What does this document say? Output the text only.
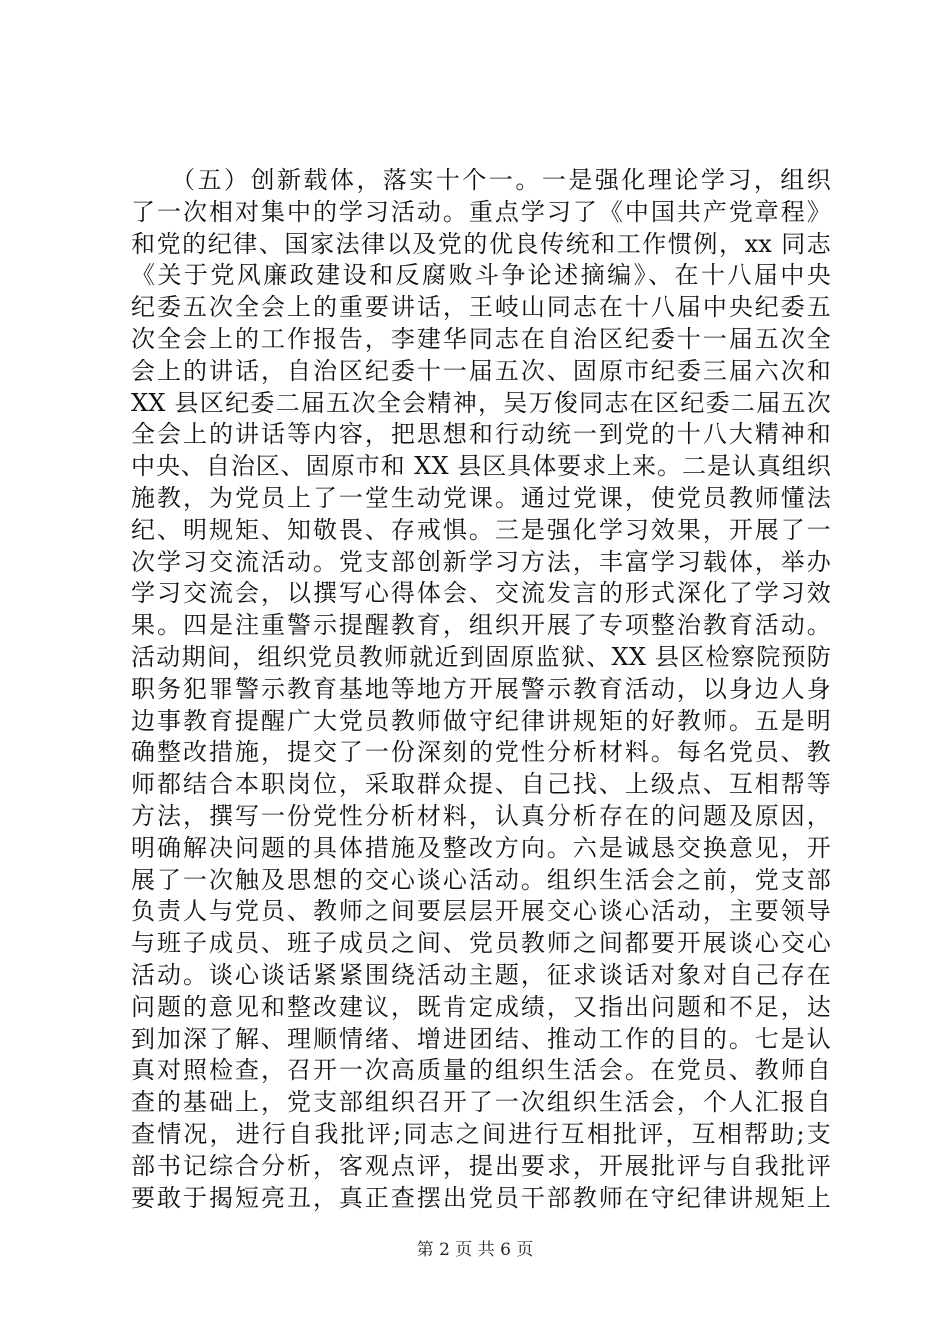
（五）创新载体，落实十个一。一是强化理论学习，组织
了一次相对集中的学习活动。重点学习了《中国共产党章程》
和党的纪律、国家法律以及党的优良传统和工作惯例，xx 同志
《关于党风廉政建设和反腐败斗争论述摘编》、在十八届中央
纪委五次全会上的重要讲话，王岐山同志在十八届中央纪委五
次全会上的工作报告，李建华同志在自治区纪委十一届五次全
会上的讲话，自治区纪委十一届五次、固原市纪委三届六次和
XX 县区纪委二届五次全会精神，吴万俊同志在区纪委二届五次
全会上的讲话等内容，把思想和行动统一到党的十八大精神和
中央、自治区、固原市和 XX 县区具体要求上来。二是认真组织
施教，为党员上了一堂生动党课。通过党课，使党员教师懂法
纪、明规矩、知敬畏、存戒惧。三是强化学习效果，开展了一
次学习交流活动。党支部创新学习方法，丰富学习载体，举办
学习交流会，以撰写心得体会、交流发言的形式深化了学习效
果。四是注重警示提醒教育，组织开展了专项整治教育活动。
活动期间，组织党员教师就近到固原监狱、XX 县区检察院预防
职务犯罪警示教育基地等地方开展警示教育活动，以身边人身
边事教育提醒广大党员教师做守纪律讲规矩的好教师。五是明
确整改措施，提交了一份深刻的党性分析材料。每名党员、教
师都结合本职岗位，采取群众提、自己找、上级点、互相帮等
方法，撰写一份党性分析材料，认真分析存在的问题及原因，
明确解决问题的具体措施及整改方向。六是诚恳交换意见，开
展了一次触及思想的交心谈心活动。组织生活会之前，党支部
负责人与党员、教师之间要层层开展交心谈心活动，主要领导
与班子成员、班子成员之间、党员教师之间都要开展谈心交心
活动。谈心谈话紧紧围绕活动主题，征求谈话对象对自己存在
问题的意见和整改建议，既肯定成绩，又指出问题和不足，达
到加深了解、理顺情绪、增进团结、推动工作的目的。七是认
真对照检查，召开一次高质量的组织生活会。在党员、教师自
查的基础上，党支部组织召开了一次组织生活会，个人汇报自
查情况，进行自我批评;同志之间进行互相批评，互相帮助;支
部书记综合分析，客观点评，提出要求，开展批评与自我批评
要敢于揭短亮丑，真正查摆出党员干部教师在守纪律讲规矩上
第 2 页 共 6 页
